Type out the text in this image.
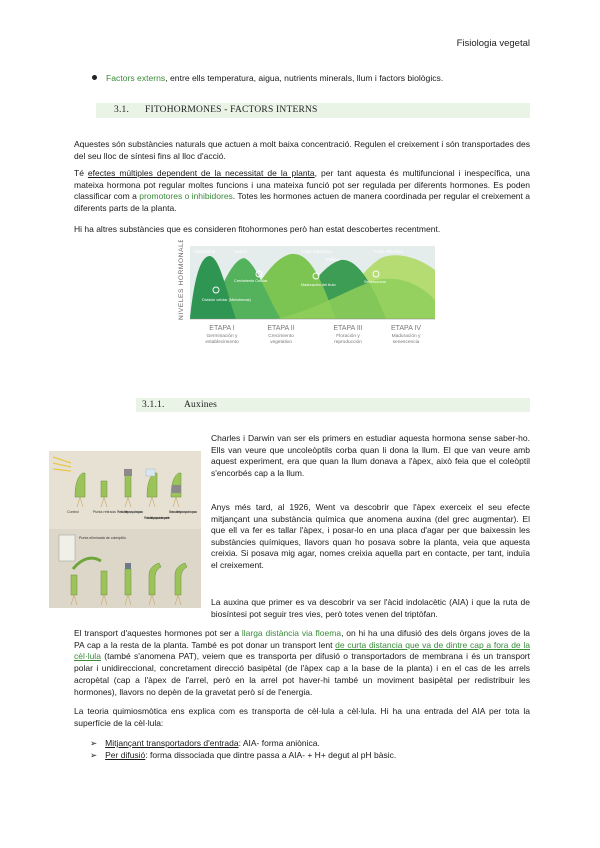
Fisiologia vegetal
Factors externs, entre ells temperatura, aigua, nutrients minerals, llum i factors biològics.
3.1. FITOHORMONES - FACTORS INTERNS
Aquestes són substàncies naturals que actuen a molt baixa concentració. Regulen el creixement i són transportades des del seu lloc de síntesi fins al lloc d'acció.
Té efectes múltiples dependent de la necessitat de la planta, per tant aquesta és multifuncional i inespecífica, una mateixa hormona pot regular moltes funcions i una mateixa funció pot ser regulada per diferents hormones. Es poden classificar com a promotores o inhibidores. Totes les hormones actuen de manera coordinada per regular el creixement a diferents parts de la planta.
Hi ha altres substàncies que es consideren fitohormones però han estat descobertes recentment.
Citoquinina	Auxina	Ácido Giberélico
Etileno
Ácido abscísico
División celular (Meristemas)
Crecimiento Celular
Maduración del fruto
Senescencia
NIVELES HORMONALES
ETAPA I
Germinación y
establecimiento
ETAPA II
Crecimiento
vegetativo
ETAPA III
Floración y
reproducción
ETAPA IV
Maduración y
senescencia
3.1.1. Auxines
Control	Punta retirada Punta cubierta por capucha opaca
Punta cubierta por capucha transparente
Base cubierta por capucha opaca
Punta eliminada de coleóptilo
Charles i Darwin van ser els primers en estudiar aquesta hormona sense saber-ho. Ells van veure que uncoleòptils corba quan li dona la llum. El que van veure amb aquest experiment, era que quan la llum donava a l'àpex, això feia que el coleòptil s'encorbés cap a la llum.
Anys més tard, al 1926, Went va descobrir que l'àpex exerceix el seu efecte mitjançant una substància química que anomena auxina (del grec augmentar). El que ell va fer es tallar l'àpex, i posar-lo en una placa d'agar per que baixessin les substàncies químiques, llavors quan ho posava sobre la planta, veia que aquesta creixia. Si posava mig agar, nomes creixia aquella part en contacte, per tant, induïa el creixement.
La auxina que primer es va descobrir va ser l'àcid indolacètic (AIA) i que la ruta de biosíntesi pot seguir tres vies, però totes venen del triptòfan.
El transport d'aquestes hormones pot ser a llarga distància via floema, on hi ha una difusió des dels òrgans joves de la PA cap a la resta de la planta. També es pot donar un transport lent de curta distancia que va de dintre cap a fora de la cèl·lula (també s'anomena PAT), veiem que es transporta per difusió o transportadors de membrana i és un transport polar i unidireccional, concretament direcció basipètal (de l'àpex cap a la base de la planta) i en el cas de les arrels acropètal (cap a l'àpex de l'arrel, però en la arrel pot haver-hi també un moviment basipètal per redistribuir les hormones), llavors no depèn de la gravetat però sí de l'energia.
La teoria quimiosmòtica ens explica com es transporta de cèl·lula a cèl·lula. Hi ha una entrada del AIA per tota la superfície de la cèl·lula:
➢ Mitjançant transportadors d'entrada: AIA- forma aniònica.
➢ Per difusió: forma dissociada que dintre passa a AIA- + H+ degut al pH bàsic.
